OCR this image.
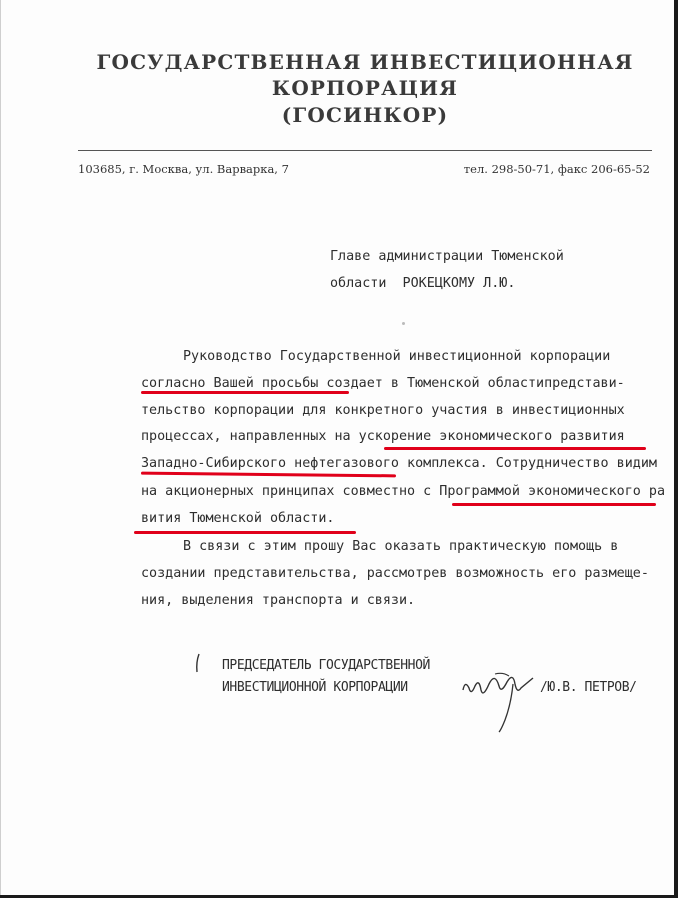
ГОСУДАРСТВЕННАЯ ИНВЕСТИЦИОННАЯ
КОРПОРАЦИЯ
(ГОСИНКОР)
103685, г. Москва, ул. Варварка, 7	тел. 298-50-71, факс 206-65-52
Главе администрации Тюменской
области  РОКЕЦКОМУ Л.Ю.
Руководство Государственной инвестиционной корпорации
согласно Вашей просьбы создает в Тюменской областипредстави-
тельство корпорации для конкретного участия в инвестиционных
процессах, направленных на ускорение экономического развития
Западно-Сибирского нефтегазового комплекса. Сотрудничество видим
на акционерных принципах совместно с Программой экономического ра
вития Тюменской области.
В связи с этим прошу Вас оказать практическую помощь в
создании представительства, рассмотрев возможность его размеще-
ния, выделения транспорта и связи.
ПРЕДСЕДАТЕЛЬ ГОСУДАРСТВЕННОЙ
ИНВЕСТИЦИОННОЙ КОРПОРАЦИИ	/Ю.В. ПЕТРОВ/
